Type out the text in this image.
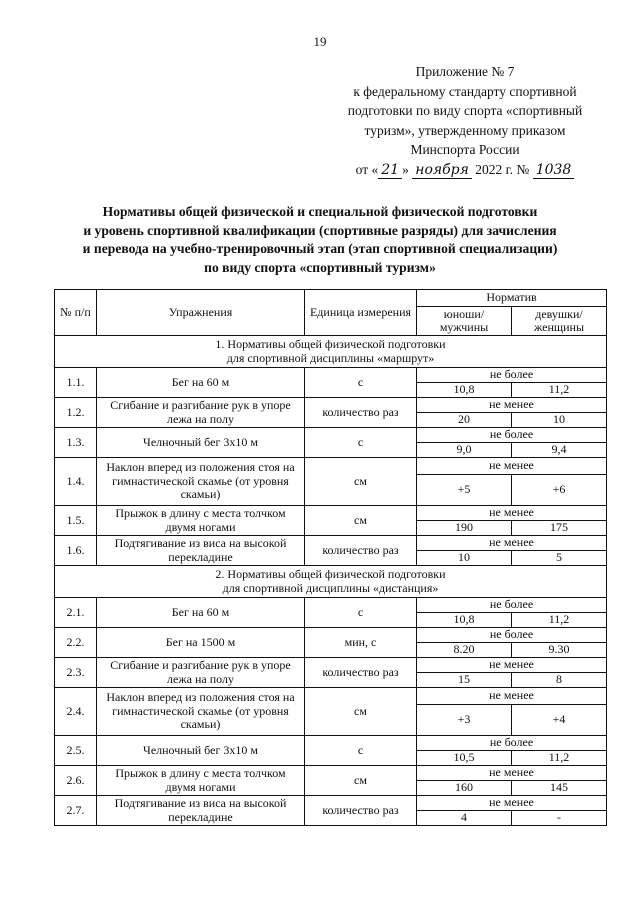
19
Приложение № 7
к федеральному стандарту спортивной
подготовки по виду спорта «спортивный
туризм», утвержденному приказом
Минспорта России
от « 21 » ноября 2022 г. № 1038
Нормативы общей физической и специальной физической подготовки
и уровень спортивной квалификации (спортивные разряды) для зачисления
и перевода на учебно-тренировочный этап (этап спортивной специализации)
по виду спорта «спортивный туризм»
№ п/п	Упражнения	Единица измерения	Норматив	
			юноши/ мужчины	девушки/ женщины

1. Нормативы общей физической подготовки
для спортивной дисциплины «маршрут»				

1.1.	Бег на 60 м	с	не более	
			10,8	11,2
1.2.	Сгибание и разгибание рук в упоре лежа на полу	количество раз	не менее	
			20	10
1.3.	Челночный бег 3х10 м	с	не более	
			9,0	9,4
1.4.	Наклон вперед из положения стоя на гимнастической скамье (от уровня скамьи)	см	не менее	
			+5	+6
1.5.	Прыжок в длину с места толчком двумя ногами	см	не менее	
			190	175
1.6.	Подтягивание из виса на высокой перекладине	количество раз	не менее	
			10	5

2. Нормативы общей физической подготовки
для спортивной дисциплины «дистанция»				

2.1.	Бег на 60 м	с	не более	
			10,8	11,2
2.2.	Бег на 1500 м	мин, с	не более	
			8.20	9.30
2.3.	Сгибание и разгибание рук в упоре лежа на полу	количество раз	не менее	
			15	8
2.4.	Наклон вперед из положения стоя на гимнастической скамье (от уровня скамьи)	см	не менее	
			+3	+4
2.5.	Челночный бег 3х10 м	с	не более	
			10,5	11,2
2.6.	Прыжок в длину с места толчком двумя ногами	см	не менее	
			160	145
2.7.	Подтягивание из виса на высокой перекладине	количество раз	не менее	
			4	-
